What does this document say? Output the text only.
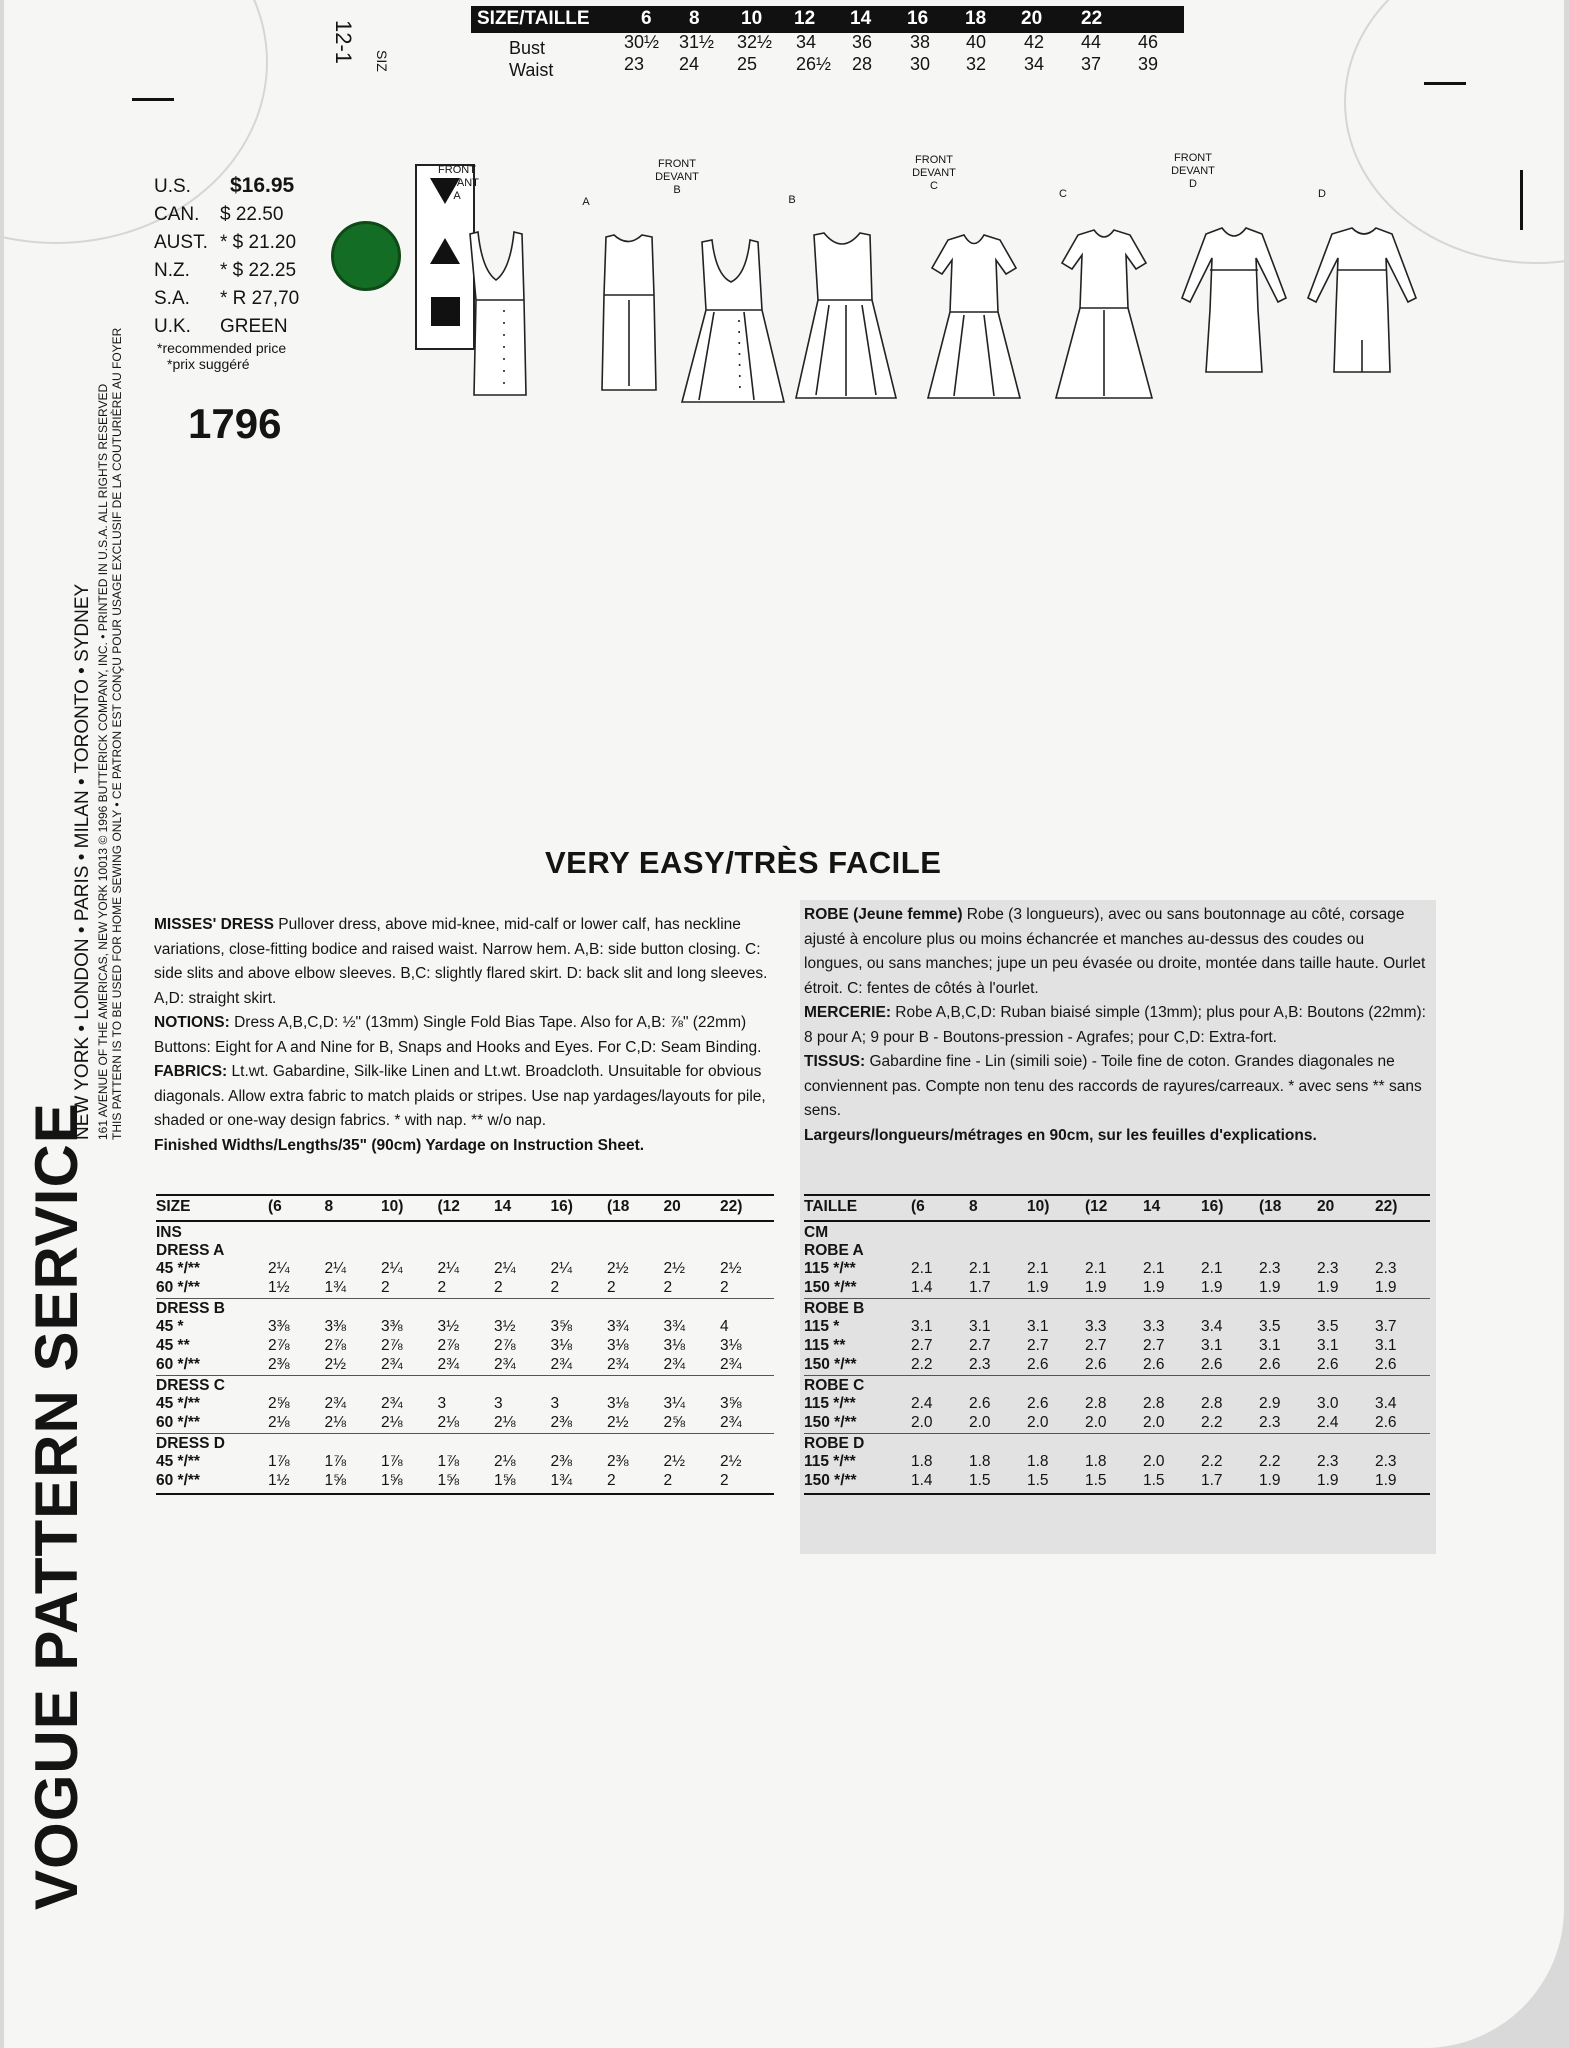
VOGUE PATTERN SERVICE
NEW YORK • LONDON • PARIS • MILAN • TORONTO • SYDNEY 161 AVENUE OF THE AMERICAS, NEW YORK 10013 © 1996 BUTTERICK COMPANY, INC. • PRINTED IN U.S.A. ALL RIGHTS RESERVED THIS PATTERN IS TO BE USED FOR HOME SEWING ONLY • CE PATRON EST CONÇU POUR USAGE EXCLUSIF DE LA COUTURIÈRE AU FOYER
SIZE/TAILLE	6 8 10 12 14 16 18 20 22
Bust	30½ 31½ 32½ 34 36 38 40 42 44 46
Waist	23 24 25 26½ 28 30 32 34 37 39
12-1 SIZ
U.S. $16.95
CAN. $ 22.50
AUST. * $ 21.20
N.Z. * $ 22.25
S.A. * R 27,70
U.K. GREEN
*recommended price
*prix suggéré
1796
FRONT
DEVANT
A	A
FRONT
DEVANT
B
B
FRONT
DEVANT
C
C
FRONT
DEVANT
D
D
VERY EASY/TRÈS FACILE

MISSES' DRESS Pullover dress, above mid-knee, mid-calf or lower calf, has neckline variations, close-fitting bodice and raised waist. Narrow hem. A,B: side button closing. C: side slits and above elbow sleeves. B,C: slightly flared skirt. D: back slit and long sleeves. A,D: straight skirt.

NOTIONS: Dress A,B,C,D: ½" (13mm) Single Fold Bias Tape. Also for A,B: ⅞" (22mm) Buttons: Eight for A and Nine for B, Snaps and Hooks and Eyes. For C,D: Seam Binding. FABRICS: Lt.wt. Gabardine, Silk-like Linen and Lt.wt. Broadcloth. Unsuitable for obvious diagonals. Allow extra fabric to match plaids or stripes. Use nap yardages/layouts for pile, shaded or one-way design fabrics. * with nap. ** w/o nap.

Finished Widths/Lengths/35" (90cm) Yardage on Instruction Sheet.

ROBE (Jeune femme) Robe (3 longueurs), avec ou sans boutonnage au côté, corsage ajusté à encolure plus ou moins échancrée et manches au-dessus des coudes ou longues, ou sans manches; jupe un peu évasée ou droite, montée dans taille haute. Ourlet étroit. C: fentes de côtés à l'ourlet.

MERCERIE: Robe A,B,C,D: Ruban biaisé simple (13mm); plus pour A,B: Boutons (22mm): 8 pour A; 9 pour B - Boutons-pression - Agrafes; pour C,D: Extra-fort.

TISSUS: Gabardine fine - Lin (simili soie) - Toile fine de coton. Grandes diagonales ne conviennent pas. Compte non tenu des raccords de rayures/carreaux. * avec sens ** sans sens.

Largeurs/longueurs/métrages en 90cm, sur les feuilles d'explications.

SIZE	(6	8	10) (12 14	16) (18 20	22)
INS
DRESS A
45 */**	2¼ 2¼ 2¼ 2¼ 2¼ 2¼ 2½ 2½ 2½
60 */**	1½ 1¾ 2	2	2	2	2	2	2
DRESS B
45 *	3⅜ 3⅜ 3⅜ 3½ 3½ 3⅝ 3¾ 3¾ 4
45 **	2⅞ 2⅞ 2⅞ 2⅞ 2⅞ 3⅛ 3⅛ 3⅛ 3⅛
60 */**	2⅜ 2½ 2¾ 2¾ 2¾ 2¾ 2¾ 2¾ 2¾
DRESS C
45 */**	2⅝ 2¾ 2¾ 3	3	3	3⅛ 3¼ 3⅝
60 */**	2⅛ 2⅛ 2⅛ 2⅛ 2⅛ 2⅜ 2½ 2⅝ 2¾
DRESS D
45 */**	1⅞ 1⅞ 1⅞ 1⅞ 2⅛ 2⅜ 2⅜ 2½ 2½
60 */**	1½ 1⅝ 1⅝ 1⅝ 1⅝ 1¾ 2	2	2
TAILLE	(6	8	10) (12 14	16) (18 20	22)
CM
ROBE A
115 */**	2.1 2.1 2.1 2.1 2.1 2.1 2.3 2.3 2.3
150 */**	1.4 1.7 1.9 1.9 1.9 1.9 1.9 1.9 1.9
ROBE B
115 *	3.1 3.1 3.1 3.3 3.3 3.4 3.5 3.5 3.7
115 **	2.7 2.7 2.7 2.7 2.7 3.1 3.1 3.1 3.1
150 */**	2.2 2.3 2.6 2.6 2.6 2.6 2.6 2.6 2.6
ROBE C
115 */**	2.4 2.6 2.6 2.8 2.8 2.8 2.9 3.0 3.4
150 */**	2.0 2.0 2.0 2.0 2.0 2.2 2.3 2.4 2.6
ROBE D
115 */**	1.8 1.8 1.8 1.8 2.0 2.2 2.2 2.3 2.3
150 */**	1.4 1.5 1.5 1.5 1.5 1.7 1.9 1.9 1.9
